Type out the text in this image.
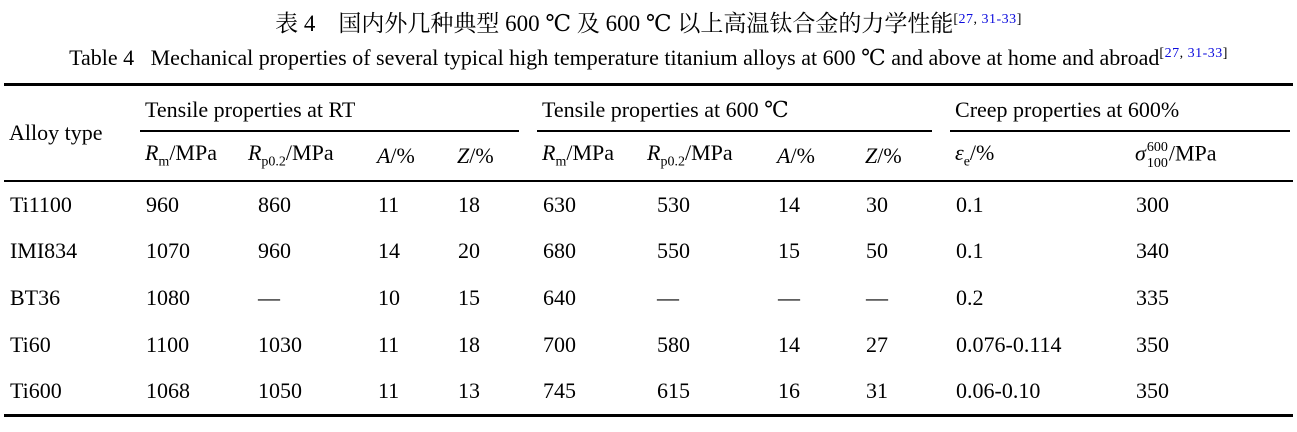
表 4　国内外几种典型 600 ℃ 及 600 ℃ 以上高温钛合金的力学性能[27, 31-33]
Table 4   Mechanical properties of several typical high temperature titanium alloys at 600 ℃ and above at home and abroad[27, 31-33]
Alloy type	Tensile properties at RT				Tensile properties at 600 ℃				Creep properties at 600%	

	$R_m$/MPa	$R_{p0.2}$/MPa	A/%	Z/%	$R_m$/MPa	$R_{p0.2}$/MPa	A/%	Z/%	$\varepsilon_e/\%$	σ 600
100 /MPa
Ti1100	960	860	11	18	630	530	14	30	0.1	300
IMI834	1070	960	14	20	680	550	15	50	0.1	340
BT36	1080	—	10	15	640	—	—	—	0.2	335
Ti60	1100	1030	11	18	700	580	14	27	0.076-0.114	350
Ti600	1068	1050	11	13	745	615	16	31	0.06-0.10	350
